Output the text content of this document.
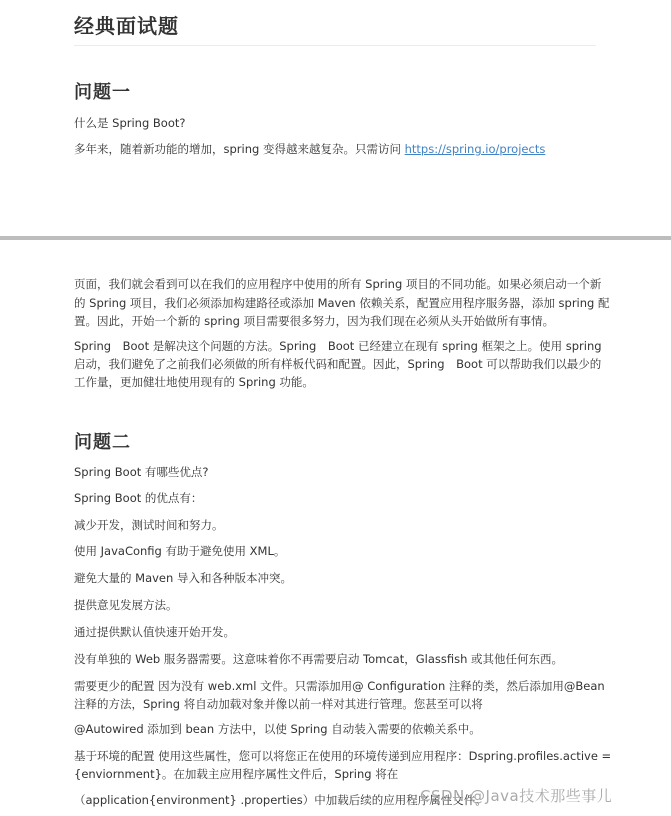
经典面试题
问题一

什么是 Spring Boot?

多年来，随着新功能的增加，spring 变得越来越复杂。只需访问 https://spring.io/projects

页面，我们就会看到可以在我们的应用程序中使用的所有 Spring 项目的不同功能。如果必须启动一个新

的 Spring 项目，我们必须添加构建路径或添加 Maven 依赖关系，配置应用程序服务器，添加 spring 配

置。因此，开始一个新的 spring 项目需要很多努力，因为我们现在必须从头开始做所有事情。

Spring　Boot 是解决这个问题的方法。Spring　Boot 已经建立在现有 spring 框架之上。使用 spring

启动，我们避免了之前我们必须做的所有样板代码和配置。因此，Spring　Boot 可以帮助我们以最少的

工作量，更加健壮地使用现有的 Spring 功能。

问题二

Spring Boot 有哪些优点?

Spring Boot 的优点有：

减少开发，测试时间和努力。

使用 JavaConfig 有助于避免使用 XML。

避免大量的 Maven 导入和各种版本冲突。

提供意见发展方法。

通过提供默认值快速开始开发。

没有单独的 Web 服务器需要。这意味着你不再需要启动 Tomcat，Glassfish 或其他任何东西。

需要更少的配置 因为没有 web.xml 文件。只需添加用@ Configuration 注释的类，然后添加用@Bean

注释的方法，Spring 将自动加载对象并像以前一样对其进行管理。您甚至可以将

@Autowired 添加到 bean 方法中，以使 Spring 自动装入需要的依赖关系中。

基于环境的配置 使用这些属性，您可以将您正在使用的环境传递到应用程序：Dspring.profiles.active =

{enviornment}。在加载主应用程序属性文件后，Spring 将在

（application{environment} .properties）中加载后续的应用程序属性文件。

CSDN @Java技术那些事儿
